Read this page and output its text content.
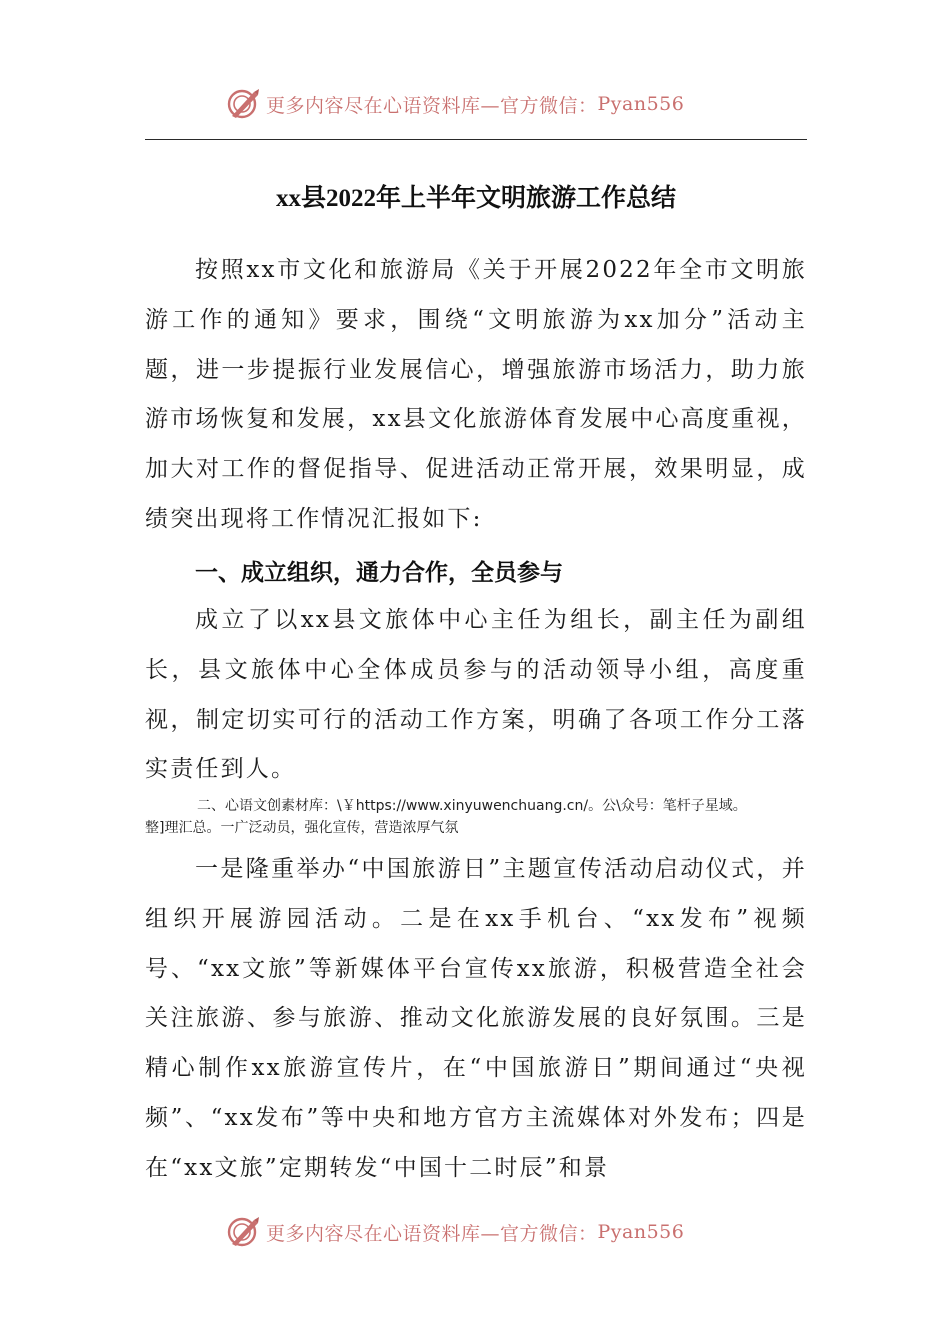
更多内容尽在心语资料库—官方微信： Pyan556
xx县2022年上半年文明旅游工作总结

按照xx市文化和旅游局《关于开展2022年全市文明旅游工作的通知》要求，围绕“文明旅游为xx加分”活动主题，进一步提振行业发展信心，增强旅游市场活力，助力旅游市场恢复和发展，xx县文化旅游体育发展中心高度重视，加大对工作的督促指导、促进活动正常开展，效果明显，成绩突出现将工作情况汇报如下:

一、成立组织，通力合作，全员参与

成立了以xx县文旅体中心主任为组长，副主任为副组长，县文旅体中心全体成员参与的活动领导小组，高度重视，制定切实可行的活动工作方案，明确了各项工作分工落实责任到人。

二、心语文创素材库：\￥https://www.xinyuwenchuang.cn/。公\众号：笔杆子星域。
整]理汇总。一广泛动员，强化宣传，营造浓厚气氛

一是隆重举办“中国旅游日”主题宣传活动启动仪式，并组织开展游园活动。二是在xx手机台、“xx发布”视频号、“xx文旅”等新媒体平台宣传xx旅游，积极营造全社会关注旅游、参与旅游、推动文化旅游发展的良好氛围。三是精心制作xx旅游宣传片，在“中国旅游日”期间通过“央视频”、“xx发布”等中央和地方官方主流媒体对外发布；四是在“xx文旅”定期转发“中国十二时辰”和景

更多内容尽在心语资料库—官方微信： Pyan556
